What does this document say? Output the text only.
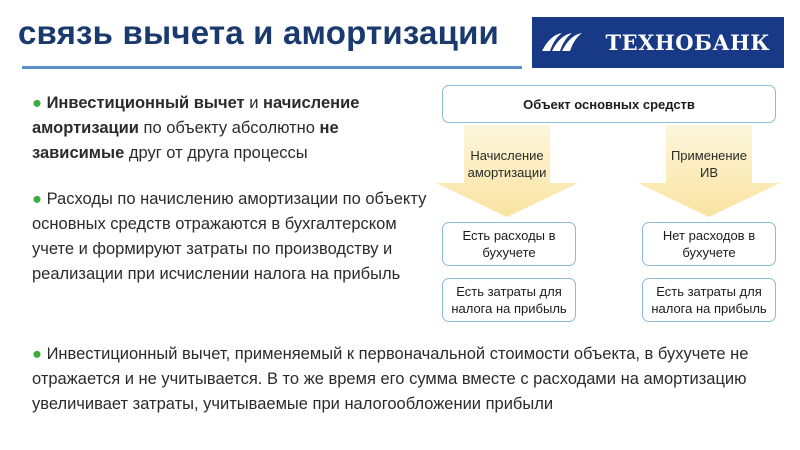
связь вычета и амортизации	ТЕХНОБАНК
● Инвестиционный вычет и начисление амортизации по объекту абсолютно не зависимые друг от друга процессы
● Расходы по начислению амортизации по объекту основных средств отражаются в бухгалтерском учете и формируют затраты по производству и реализации при исчислении налога на прибыль
● Инвестиционный вычет, применяемый к первоначальной стоимости объекта, в бухучете не отражается и не учитывается. В то же время его сумма вместе с расходами на амортизацию увеличивает затраты, учитываемые при налогообложении прибыли
Объект основных средств
Начисление
амортизации
Применение
ИВ
Есть расходы в
бухучете
Есть затраты для
налога на прибыль
Нет расходов в
бухучете
Есть затраты для
налога на прибыль
